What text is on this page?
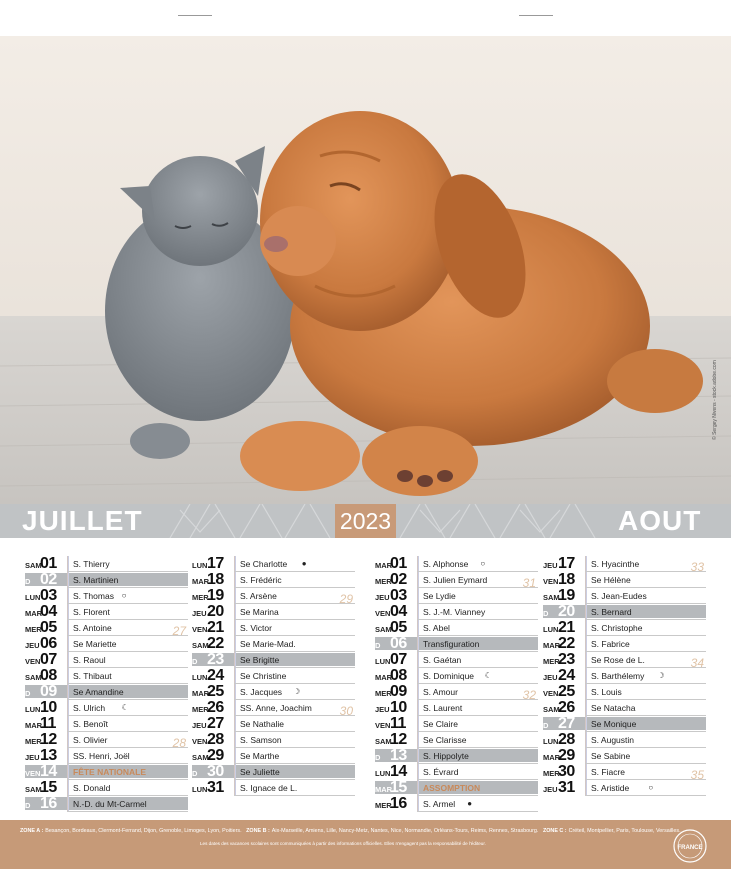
© Sergey Nivens - stock.adobe.com
JUILLET	AOUT
2023
SAM
01 S. Thierry
D 02 S. Martinien
LUN 03 S. Thomas ○
MAR
04 S. Florent
MER
05 S. Antoine
JEU 06 Se Mariette
VEN 07 S. Raoul
SAM
08 S. Thibaut
D 09 Se Amandine
LUN 10 S. Ulrich ☾
MAR
11 S. Benoît
MER
12 S. Olivier
JEU 13 SS. Henri, Joël
VEN 14 FÊTE NATIONALE
SAM
15 S. Donald
D 16 N.-D. du Mt-Carmel
27
28
LUN 17 Se Charlotte ●
MAR
18 S. Frédéric
MER
19 S. Arsène
JEU 20 Se Marina
VEN 21 S. Victor
SAM
22 Se Marie-Mad.
D 23 Se Brigitte
LUN 24 Se Christine
MAR
25 S. Jacques ☽
MER
26 SS. Anne, Joachim
JEU 27 Se Nathalie
VEN 28 S. Samson
SAM
29 Se Marthe
D 30 Se Juliette
LUN 31 S. Ignace de L.
29
30
MAR
01 S. Alphonse ○
MER
02 S. Julien Eymard
JEU 03 Se Lydie
VEN 04 S. J.-M. Vianney
SAM
05 S. Abel
D 06 Transfiguration
LUN 07 S. Gaétan
MAR
08 S. Dominique ☾
MER
09 S. Amour
JEU 10 S. Laurent
VEN 11 Se Claire
SAM
12 Se Clarisse
D 13 S. Hippolyte
LUN 14 S. Évrard
MAR
15 ASSOMPTION
MER
16 S. Armel ●
31
32
JEU 17 S. Hyacinthe
VEN 18 Se Hélène
SAM
19 S. Jean-Eudes
D 20 S. Bernard
LUN 21 S. Christophe
MAR
22 S. Fabrice
MER
23 Se Rose de L.
JEU 24 S. Barthélemy ☽
VEN 25 S. Louis
SAM
26 Se Natacha
D 27 Se Monique
LUN 28 S. Augustin
MAR
29 Se Sabine
MER
30 S. Fiacre
JEU 31 S. Aristide ○
33
34
35
ZONE A : Besançon, Bordeaux, Clermont-Ferrand, Dijon, Grenoble, Limoges, Lyon, Poitiers. ZONE B : Aix-Marseille, Amiens, Lille, Nancy-Metz, Nantes, Nice, Normandie, Orléans-Tours, Reims, Rennes, Strasbourg. ZONE C : Créteil, Montpellier, Paris, Toulouse, Versailles.
Les dates des vacances scolaires sont communiquées à partir des informations officielles. Elles n'engagent pas la responsabilité de l'éditeur.
FRANCE
